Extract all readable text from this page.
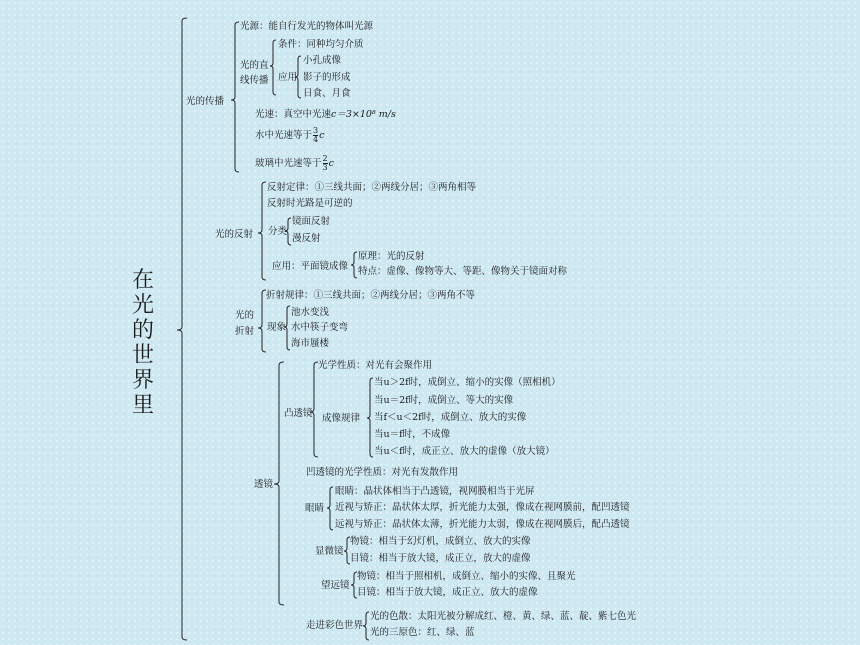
在光的世界里
光的传播
光源：能自行发光的物体叫光源
光的直线传播
条件：同种均匀介质
应用
小孔成像
影子的形成
日食、月食
光速：真空中光速c＝3×10⁸ m/s
水中光速等于 $\frac{3}{4}$ c
玻璃中光速等于 $\frac{2}{3}$ c
光的反射
反射定律：①三线共面；②两线分居；③两角相等
反射时光路是可逆的
分类
镜面反射
漫反射
应用：平面镜成像
原理：光的反射
特点：虚像、像物等大、等距、像物关于镜面对称
光的折射
折射规律：①三线共面；②两线分居；③两角不等
现象
池水变浅
水中筷子变弯
海市蜃楼
透镜
凸透镜
光学性质：对光有会聚作用
成像规律
当u＞2f时，成倒立、缩小的实像（照相机）
当u＝2f时，成倒立、等大的实像
当f＜u＜2f时，成倒立、放大的实像
当u＝f时，不成像
当u＜f时，成正立、放大的虚像（放大镜）
凹透镜的光学性质：对光有发散作用
眼睛
眼睛：晶状体相当于凸透镜，视网膜相当于光屏
近视与矫正：晶状体太厚，折光能力太强，像成在视网膜前，配凹透镜
远视与矫正：晶状体太薄，折光能力太弱，像成在视网膜后，配凸透镜
显微镜
物镜：相当于幻灯机，成倒立、放大的实像
目镜：相当于放大镜，成正立，放大的虚像
望远镜
物镜：相当于照相机，成倒立、缩小的实像、且聚光
目镜：相当于放大镜，成正立、放大的虚像
走进彩色世界
光的色散：太阳光被分解成红、橙、黄、绿、蓝、靛、紫七色光
光的三原色：红、绿、蓝
